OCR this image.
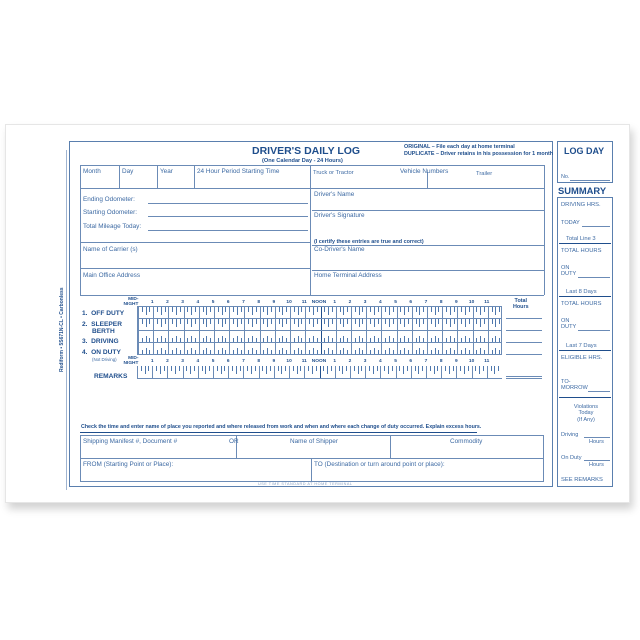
Rediform • 5S671N-CL • Carbonless
DRIVER'S DAILY LOG
(One Calendar Day - 24 Hours)
ORIGINAL – File each day at home terminal
DUPLICATE – Driver retains in his possession for 1 month
Month	Day	Year	24 Hour Period Starting Time	Truck or Tractor	Vehicle Numbers	Trailer
Ending Odometer:
Starting Odometer:
Total Mileage Today:
Name of Carrier (s)
Main Office Address
Driver's Name
Driver's Signature
(I certify these entries are true and correct)
Co-Driver's Name
Home Terminal Address
MID-
NIGHT	1	2	3	4	5	6	7	8	9 10 11	1	2	3	4	5	6	7	8	9 10 11
NOON	Total
Hours
1. OFF DUTY
2. SLEEPER
BERTH
3. DRIVING
4. ON DUTY
(Not Driving)	MID-
NIGHT	1	2	3	4	5	6	7	8	9 10 11	1	2	3	4	5	6	7	8	9 10 11
NOON
REMARKS
Check the time and enter name of place you reported and where released from work and when and where each change of duty occurred. Explain excess hours.
Shipping Manifest #, Document #	OR	Name of Shipper	Commodity
FROM (Starting Point or Place):	TO (Destination or turn around point or place):
USE TIME STANDARD AT HOME TERMINAL
LOG DAY
No.
SUMMARY
DRIVING HRS.
TODAY
Total Line 3
TOTAL HOURS
ON
DUTY
Last 8 Days
TOTAL HOURS
ON
DUTY
Last 7 Days
ELIGIBLE HRS.
TO-
MORROW
Violations
Today
(If Any)
Driving
Hours
On Duty
Hours
SEE REMARKS
